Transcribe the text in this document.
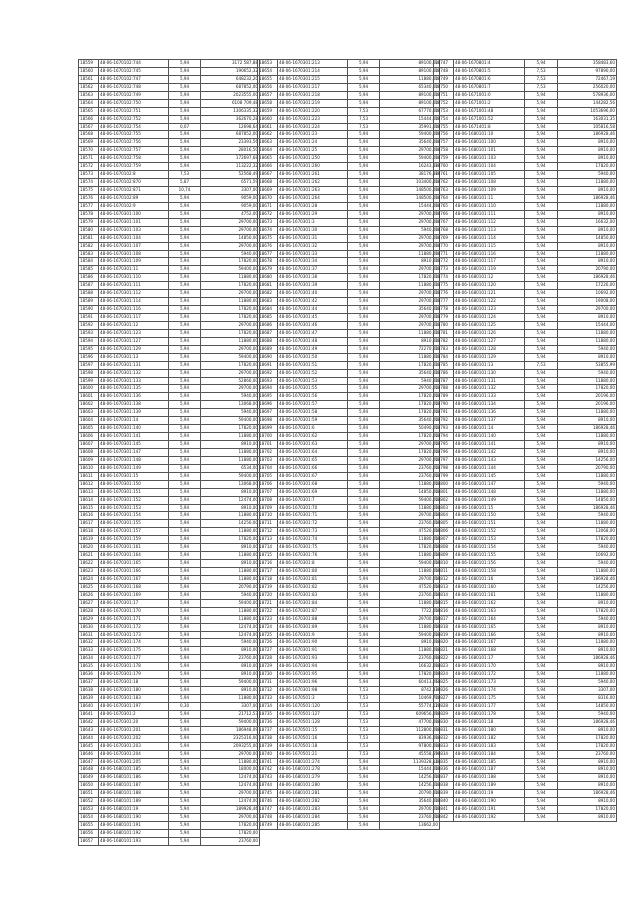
18559	48-06-1670102:744	5,94	3172 587,88
18560	48-06-1670102:745	5,94	190652,32
18561	48-06-1670102:747	5,94	648232,20
18562	48-06-1670102:748	5,94	687852,00
18563	48-06-1670102:749	5,94	2023555,00
18564	48-06-1670102:750	5,94	6108 709,48
18565	48-06-1670102:751	5,94	1306335,32
18566	48-06-1670102:752	5,94	362670,28
18567	48-06-1670102:754	0,07	12698,64
18568	48-06-1670102:755	5,94	687852,00
18569	48-06-1670102:756	5,94	23393,56
18570	48-06-1670102:757	5,94	28016,50
18571	48-06-1670102:758	5,94	172697,68
18572	48-06-1670102:759	5,94	113222,32
18573	48-06-1670102:8	7,53	52568,49
18574	48-06-1670102:870	5,87	6571,59
18575	48-06-1670102:871	10,74	3307,00
18576	48-06-1670102:89	5,94	9059,00
18577	48-06-1670102:9	5,94	9059,00
18578	48-06-1670301:100	5,94	4752,00
18579	48-06-1670301:101	5,94	29700,00
18580	48-06-1670301:103	5,94	29700,00
18581	48-06-1670301:104	5,94	14850,00
18582	48-06-1670301:107	5,94	29700,00
18583	48-06-1670301:108	5,94	5940,00
18584	48-06-1670301:109	5,94	17820,00
18585	48-06-1670301:11	5,94	59400,00
18586	48-06-1670301:110	5,94	11880,00
18587	48-06-1670301:111	5,94	17820,00
18588	48-06-1670301:112	5,94	29700,00
18589	48-06-1670301:114	5,94	11880,00
18590	48-06-1670301:116	5,94	17820,00
18591	48-06-1670301:117	5,94	17820,00
18592	48-06-1670301:12	5,94	29700,00
18593	48-06-1670301:123	5,94	17820,00
18594	48-06-1670301:127	5,94	11880,00
18595	48-06-1670301:129	5,94	29700,00
18596	48-06-1670301:13	5,94	59400,00
18597	48-06-1670301:131	5,94	17820,00
18598	48-06-1670301:132	5,94	29700,00
18599	48-06-1670301:133	5,94	52866,00
18600	48-06-1670301:135	5,94	29700,00
18601	48-06-1670301:136	5,94	5940,00
18602	48-06-1670301:138	5,94	13068,00
18603	48-06-1670301:139	5,94	5940,00
18604	48-06-1670301:14	5,94	59400,00
18605	48-06-1670301:140	5,94	17820,00
18606	48-06-1670301:141	5,94	11880,00
18607	48-06-1670301:145	5,94	8910,00
18608	48-06-1670301:147	5,94	11880,00
18609	48-06-1670301:148	5,94	11880,00
18610	48-06-1670301:149	5,94	6534,00
18611	48-06-1670301:15	5,94	59400,00
18612	48-06-1670301:150	5,94	13068,00
18613	48-06-1670301:151	5,94	8910,00
18614	48-06-1670301:152	5,94	12474,00
18615	48-06-1670301:153	5,94	8910,00
18616	48-06-1670301:154	5,94	11880,00
18617	48-06-1670301:155	5,94	14256,00
18618	48-06-1670301:157	5,94	11880,00
18619	48-06-1670301:159	5,94	17820,00
18620	48-06-1670301:161	5,94	8910,00
18621	48-06-1670301:164	5,94	11880,00
18622	48-06-1670301:165	5,94	8910,00
18623	48-06-1670301:166	5,94	11880,00
18624	48-06-1670301:167	5,94	11880,00
18625	48-06-1670301:168	5,94	20790,00
18626	48-06-1670301:169	5,94	5940,00
18627	48-06-1670301:17	5,94	59400,00
18628	48-06-1670301:170	5,94	11880,00
18629	48-06-1670301:171	5,94	11880,00
18630	48-06-1670301:172	5,94	12474,00
18631	48-06-1670301:173	5,94	12474,00
18632	48-06-1670301:174	5,94	5940,00
18633	48-06-1670301:175	5,94	8910,00
18634	48-06-1670301:177	5,94	23760,00
18635	48-06-1670301:178	5,94	8910,00
18636	48-06-1670301:179	5,94	8910,00
18637	48-06-1670301:18	5,94	59400,00
18638	48-06-1670301:180	5,94	8910,00
18639	48-06-1670301:183	5,94	11880,00
18640	48-06-1670301:197	0,30	3307,00
18641	48-06-1670301:2	5,94	21712,53
18642	48-06-1670301:20	5,94	59400,00
18643	48-06-1670301:201	5,94	186948,09
18644	48-06-1670301:202	5,94	2325316,00
18645	48-06-1670301:203	5,94	2093255,00
18646	48-06-1670301:204	5,94	29700,00
18647	48-06-1670301:205	5,94	11880,00
18648	48-06-1680101:185	5,94	18000,00
18649	48-06-1680101:186	5,94	12474,00
18650	48-06-1680101:187	5,94	12474,00
18651	48-06-1680101:188	5,94	29700,00
18652	48-06-1680101:189	5,94	12474,00
18653	48-06-1680101:19	5,94	189928,46
18654	48-06-1680101:190	5,94	29700,00
18655	48-06-1680101:191	5,94	17820,00
18656	48-06-1680101:192	5,94	17820,00
18657	48-06-1680101:193	5,94	23760,00
18653	48-06-1670301:213	5,94	89100,00
18654	48-06-1670301:214	5,94	89100,00
18655	48-06-1670301:215	5,94	11880,00
18656	48-06-1670301:217	5,94	65340,00
18657	48-06-1670301:218	5,94	89100,00
18658	48-06-1670301:219	5,94	89100,00
18659	48-06-1670301:220	7,53	67770,00
18660	48-06-1670301:223	7,53	15444,00
18661	48-06-1670301:224	7,53	35991,00
18662	48-06-1670301:23	5,94	59400,00
18663	48-06-1670301:24	5,94	35640,00
18664	48-06-1670301:25	5,94	29700,00
18665	48-06-1670301:250	5,94	59400,00
18666	48-06-1670301:260	5,94	16243,88
18667	48-06-1670301:261	5,94	38176,38
18668	48-06-1670301:262	5,94	103400,40
18669	48-06-1670301:263	5,94	148500,00
18670	48-06-1670301:264	5,94	148500,00
18671	48-06-1670301:28	5,94	15444,00
18672	48-06-1670301:29	5,94	29700,00
18673	48-06-1670301:3	5,94	29700,00
18674	48-06-1670301:30	5,94	5940,00
18675	48-06-1670301:31	5,94	29700,00
18676	48-06-1670301:32	5,94	29700,00
18677	48-06-1670301:33	5,94	11880,00
18678	48-06-1670301:34	5,94	8910,00
18679	48-06-1670301:37	5,94	29700,00
18680	48-06-1670301:38	5,94	17820,00
18681	48-06-1670301:39	5,94	11880,00
18682	48-06-1670301:40	5,94	29700,00
18683	48-06-1670301:42	5,94	29700,00
18684	48-06-1670301:44	5,94	35640,00
18685	48-06-1670301:45	5,94	29700,00
18686	48-06-1670301:46	5,94	29700,00
18687	48-06-1670301:47	5,94	11880,00
18688	48-06-1670301:48	5,94	8910,00
18689	48-06-1670301:49	5,94	72270,00
18690	48-06-1670301:50	5,94	11880,00
18691	48-06-1670301:51	5,94	17820,00
18692	48-06-1670301:52	5,94	35640,00
18693	48-06-1670301:53	5,94	5940,00
18694	48-06-1670301:55	5,94	29700,00
18695	48-06-1670301:56	5,94	17820,00
18696	48-06-1670301:57	5,94	17820,00
18697	48-06-1670301:58	5,94	17820,00
18698	48-06-1670301:59	5,94	35640,00
18699	48-06-1670301:6	5,94	50490,00
18700	48-06-1670301:62	5,94	17820,00
18701	48-06-1670301:63	5,94	29700,00
18702	48-06-1670301:64	5,94	17820,00
18703	48-06-1670301:65	5,94	29700,00
18704	48-06-1670301:66	5,94	23760,00
18705	48-06-1670301:67	5,94	23760,00
18706	48-06-1670301:68	5,94	11880,00
18707	48-06-1670301:69	5,94	14850,00
18708	48-06-1670301:7	5,94	59400,00
18709	48-06-1670301:70	5,94	11880,00
18710	48-06-1670301:71	5,94	29700,00
18711	48-06-1670301:72	5,94	23760,00
18712	48-06-1670301:73	5,94	47520,00
18713	48-06-1670301:74	5,94	11880,00
18714	48-06-1670301:75	5,94	17820,00
18715	48-06-1670301:76	5,94	11880,00
18716	48-06-1670301:8	5,94	59400,00
18717	48-06-1670301:80	5,94	11880,00
18718	48-06-1670301:81	5,94	29700,00
18719	48-06-1670301:82	5,94	47520,00
18720	48-06-1670301:83	5,94	23760,00
18721	48-06-1670301:84	5,94	11880,00
18722	48-06-1670301:87	5,94	7722,00
18723	48-06-1670301:88	5,94	29700,00
18724	48-06-1670301:89	5,94	11880,00
18725	48-06-1670301:9	5,94	59400,00
18726	48-06-1670301:90	5,94	8910,00
18727	48-06-1670301:91	5,94	11880,00
18728	48-06-1670301:93	5,94	23760,00
18729	48-06-1670301:94	5,94	16632,00
18730	48-06-1670301:95	5,94	17820,00
18731	48-06-1670301:96	5,94	60413,26
18732	48-06-1670301:98	7,53	8742,33
18733	48-06-1670501:3	7,53	10469,70
18734	48-06-1670501:120	7,53	55774,12
18735	48-06-1670501:127	7,53	609656,00
18736	48-06-1670501:128	7,53	47700,00
18737	48-06-1670501:15	7,53	112800,00
18738	48-06-1670501:16	7,53	83936,00
18739	48-06-1670501:18	7,53	97800,00
18740	48-06-1670501:21	7,53	45558,59
18741	48-06-1680101:274	5,94	1139328,14
18742	48-06-1680101:278	5,94	15444,00
18743	48-06-1680101:279	5,94	14256,00
18744	48-06-1680101:280	5,94	14256,00
18745	48-06-1680101:281	5,94	20790,00
18746	48-06-1680101:282	5,94	35640,00
18747	48-06-1680101:283	5,94	29700,00
18748	48-06-1680101:284	5,94	23760,00
18749	48-06-1680101:285	5,94	13662,00
18747	48-06-1670801:4	5,94	358483,60
18748	48-06-1670801:5	7,53	97890,00
18749	48-06-1670801:6	7,53	72467,19
18750	48-06-1670801:7	7,53	256020,00
18751	48-06-1671001:0	5,94	578936,00
18752	48-06-1671001:2	5,94	144282,56
18753	48-06-1671001:48	5,94	1053696,00
18754	48-06-1671001:52	5,94	163031,35
18755	48-06-1671401:8	5,94	105816,58
18756	48-06-1680101:10	5,94	186928,46
18757	48-06-1680101:100	5,94	8910,00
18758	48-06-1680101:101	5,94	8910,00
18759	48-06-1680101:103	5,94	8910,00
18760	48-06-1680101:104	5,94	17820,00
18761	48-06-1680101:105	5,94	5940,00
18762	48-06-1680101:108	5,94	11880,00
18763	48-06-1680101:109	5,94	8910,00
18764	48-06-1680101:11	5,94	186928,46
18765	48-06-1680101:110	5,94	11880,00
18766	48-06-1680101:111	5,94	8910,00
18767	48-06-1680101:112	5,94	16632,00
18768	48-06-1680101:113	5,94	8910,00
18769	48-06-1680101:114	5,94	14850,00
18770	48-06-1680101:115	5,94	8910,00
18771	48-06-1680101:116	5,94	11880,00
18772	48-06-1680101:117	5,94	8910,00
18773	48-06-1680101:119	5,94	20790,00
18774	48-06-1680101:12	5,94	186928,46
18775	48-06-1680101:120	5,94	17226,00
18776	48-06-1680101:121	5,94	10692,00
18777	48-06-1680101:122	5,94	19008,00
18778	48-06-1680101:123	5,94	29700,00
18779	48-06-1680101:124	5,94	8910,00
18780	48-06-1680101:125	5,94	15444,00
18781	48-06-1680101:126	5,94	11880,00
18782	48-06-1680101:127	5,94	11880,00
18783	48-06-1680101:128	5,94	5940,00
18784	48-06-1680101:129	5,94	8910,00
18785	48-06-1680101:13	7,53	53855,99
18786	48-06-1680101:130	5,94	5940,00
18787	48-06-1680101:131	5,94	11880,00
18788	48-06-1680101:132	5,94	17820,00
18789	48-06-1680101:133	5,94	20196,00
18790	48-06-1680101:134	5,94	20196,00
18791	48-06-1680101:136	5,94	11880,00
18792	48-06-1680101:137	5,94	8910,00
18793	48-06-1680101:14	5,94	186928,46
18794	48-06-1680101:140	5,94	11880,00
18795	48-06-1680101:141	5,94	8910,00
18796	48-06-1680101:142	5,94	8910,00
18797	48-06-1680101:143	5,94	14256,00
18798	48-06-1680101:144	5,94	20790,00
18799	48-06-1680101:145	5,94	11880,00
18800	48-06-1680101:147	5,94	5940,00
18801	48-06-1680101:148	5,94	11880,00
18802	48-06-1680101:149	5,94	14850,00
18803	48-06-1680101:15	5,94	186928,46
18804	48-06-1680101:150	5,94	5940,00
18805	48-06-1680101:151	5,94	11880,00
18806	48-06-1680101:152	5,94	13068,00
18807	48-06-1680101:153	5,94	17820,00
18808	48-06-1680101:154	5,94	5940,00
18809	48-06-1680101:155	5,94	10692,00
18810	48-06-1680101:156	5,94	5940,00
18811	48-06-1680101:158	5,94	11880,00
18812	48-06-1680101:16	5,94	186928,46
18813	48-06-1680101:160	5,94	14256,00
18814	48-06-1680101:161	5,94	11880,00
18815	48-06-1680101:162	5,94	8910,00
18816	48-06-1680101:163	5,94	17820,00
18817	48-06-1680101:164	5,94	5940,00
18818	48-06-1680101:165	5,94	8910,00
18819	48-06-1680101:166	5,94	8910,00
18820	48-06-1680101:167	5,94	11880,00
18821	48-06-1680101:168	5,94	8910,00
18822	48-06-1680101:17	5,94	186928,46
18823	48-06-1680101:170	5,94	8910,00
18824	48-06-1680101:172	5,94	11880,00
18825	48-06-1680101:173	5,94	5940,00
18826	48-06-1680101:174	5,94	3307,00
18827	48-06-1680101:175	5,94	8316,00
18828	48-06-1680101:177	5,94	14850,00
18829	48-06-1680101:178	5,94	5940,00
18830	48-06-1680101:18	5,94	186928,46
18831	48-06-1680101:180	5,94	8910,00
18832	48-06-1680101:182	5,94	17820,00
18833	48-06-1680101:183	5,94	17820,00
18834	48-06-1680101:184	5,94	23760,00
18835	48-06-1680101:185	5,94	8910,00
18836	48-06-1680101:187	5,94	8910,00
18837	48-06-1680101:188	5,94	8910,00
18838	48-06-1680101:189	5,94	8910,00
18839	48-06-1680101:19	5,94	186928,46
18840	48-06-1680101:190	5,94	8910,00
18841	48-06-1680101:191	5,94	17820,00
18842	48-06-1680101:192	5,94	8910,00
